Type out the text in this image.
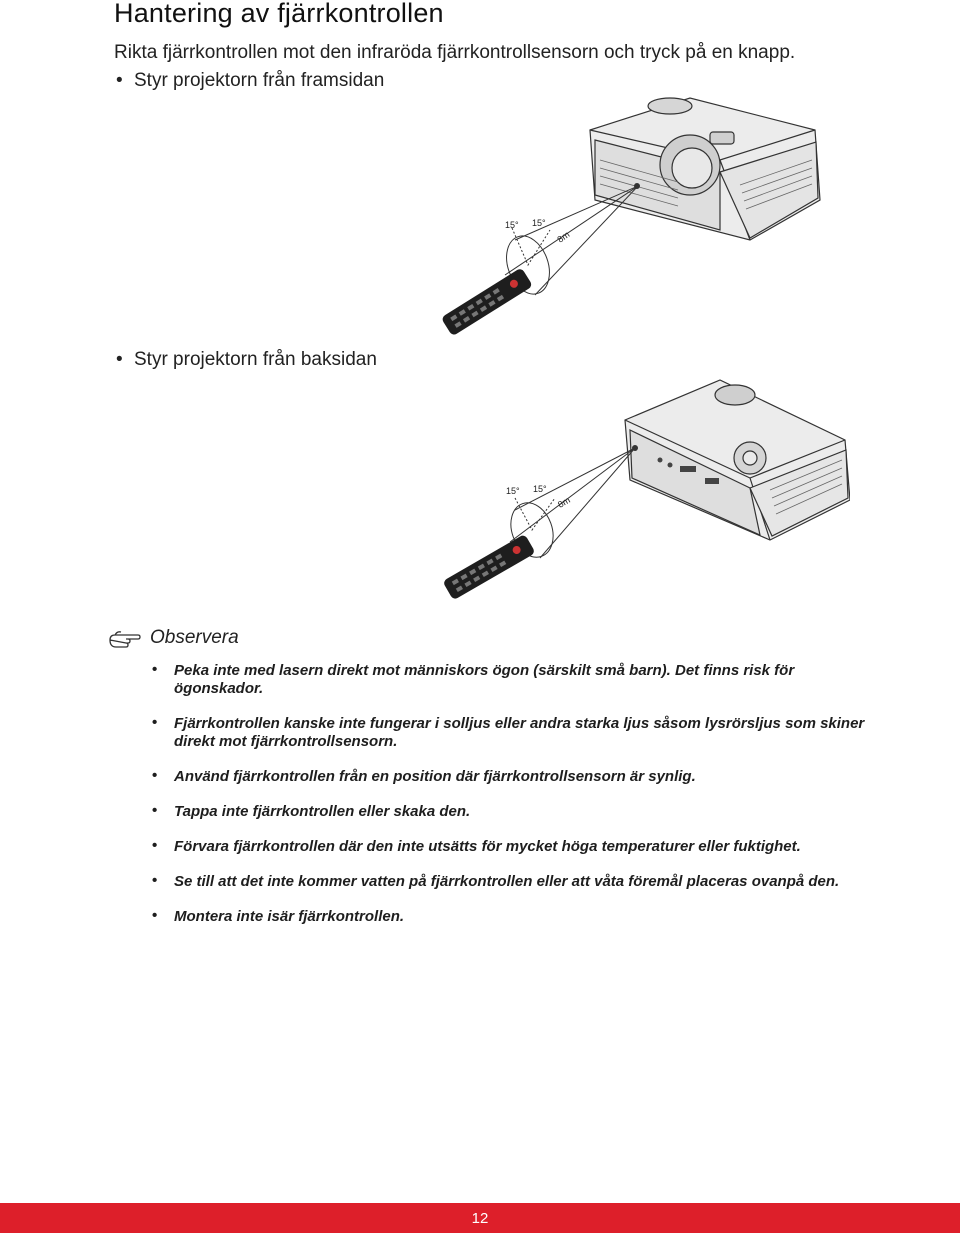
Hantering av fjärrkontrollen

Rikta fjärrkontrollen mot den infraröda fjärrkontrollsensorn och tryck på en knapp.

• Styr projektorn från framsidan
15° 15°
8m
• Styr projektorn från baksidan
15° 15°
8m
Observera
• Peka inte med lasern direkt mot människors ögon (särskilt små barn). Det finns risk för ögonskador.
• Fjärrkontrollen kanske inte fungerar i solljus eller andra starka ljus såsom lysrörsljus som skiner direkt mot fjärrkontrollsensorn.
• Använd fjärrkontrollen från en position där fjärrkontrollsensorn är synlig.
• Tappa inte fjärrkontrollen eller skaka den.
• Förvara fjärrkontrollen där den inte utsätts för mycket höga temperaturer eller fuktighet.
• Se till att det inte kommer vatten på fjärrkontrollen eller att våta föremål placeras ovanpå den.
• Montera inte isär fjärrkontrollen.
12
